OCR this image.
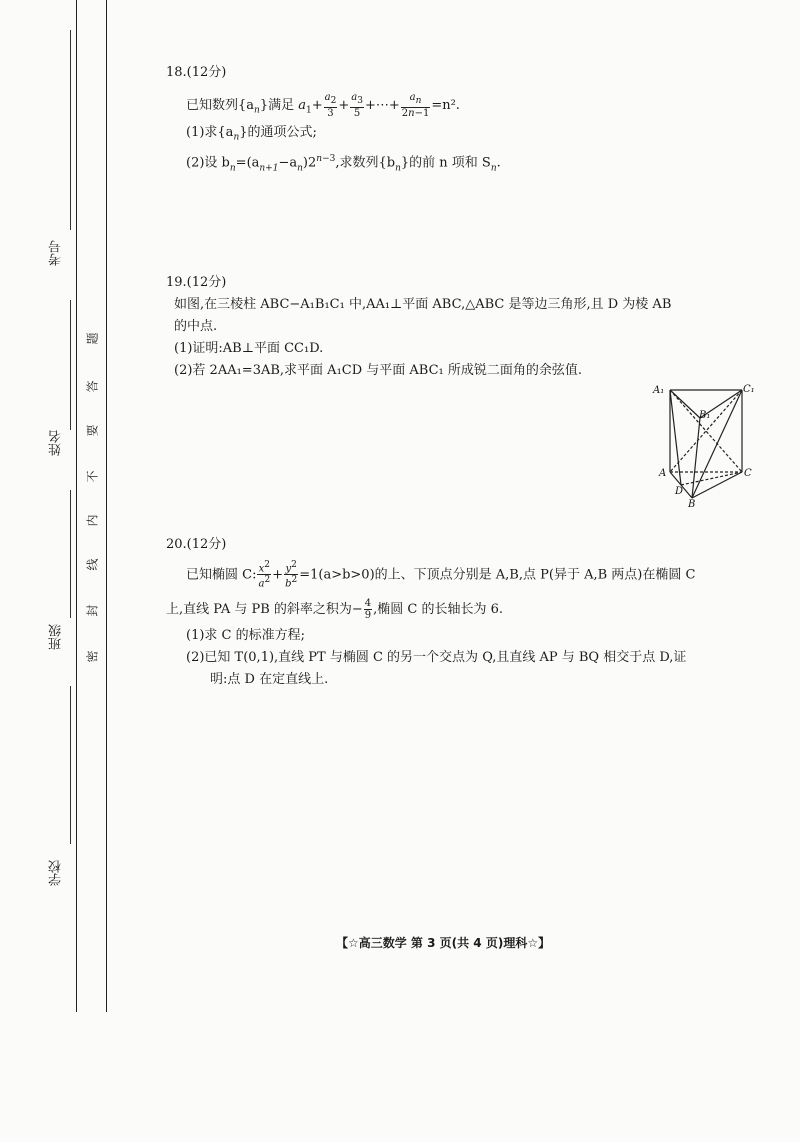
考号
姓名
班级
学校
题
答
要
不
内
线
封
密
18.(12分)
已知数列$\{a_n\}$满足 $a_1+ \frac{a_2}{3} + \frac{a_3}{5}$ +⋯+ $\frac{a_n}{2n-1} =n^2$.
(1)求$\{a_n\}$的通项公式;
(2)设 $b_n=(a_{n+1}-a_n)2^{n-3}$,求数列$\{b_n\}$的前 n 项和 $S_n$.
19.(12分)
如图,在三棱柱 ABC−A₁B₁C₁ 中,AA₁⊥平面 ABC,△ABC 是等边三角形,且 D 为棱 AB
的中点.
(1)证明:AB⊥平面 CC₁D.
(2)若 2AA₁=3AB,求平面 A₁CD 与平面 ABC₁ 所成锐二面角的余弦值.
A₁	C₁
B₁
A	C
D
B
20.(12分)
已知椭圆 C: $\frac{x^2}{a^2} + \frac{y^2}{b^2} =1(a>b>0)$的上、下顶点分别是 A,B,点 P(异于 A,B 两点)在椭圆 C
上,直线 PA 与 PB 的斜率之积为− $\frac{4}{9}$ ,椭圆 C 的长轴长为 6.
(1)求 C 的标准方程;
(2)已知 T(0,1),直线 PT 与椭圆 C 的另一个交点为 Q,且直线 AP 与 BQ 相交于点 D,证
明:点 D 在定直线上.
【☆高三数学 第 3 页(共 4 页)理科☆】
